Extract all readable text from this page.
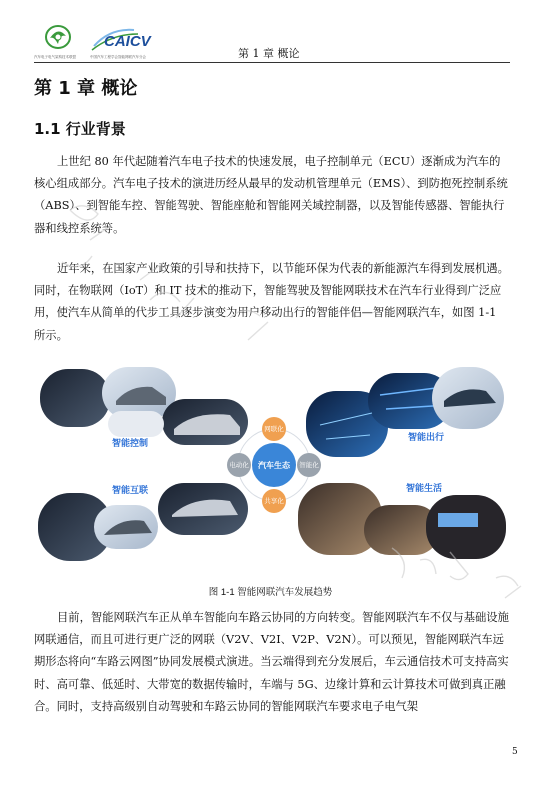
汽车电子电气架构技术联盟
CAICV
中国汽车工程学会智能网联汽车分会	第 1 章 概论
第 1 章 概论
1.1 行业背景

上世纪 80 年代起随着汽车电子技术的快速发展，电子控制单元（ECU）逐渐成为汽车的核心组成部分。汽车电子技术的演进历经从最早的发动机管理单元（EMS）、到防抱死控制系统（ABS）、到智能车控、智能驾驶、智能座舱和智能网关域控制器，以及智能传感器、智能执行器和线控系统等。

近年来，在国家产业政策的引导和扶持下，以节能环保为代表的新能源汽车得到发展机遇。同时，在物联网（IoT）和 IT 技术的推动下，智能驾驶及智能网联技术在汽车行业得到广泛应用，使汽车从简单的代步工具逐步演变为用户移动出行的智能伴侣—智能网联汽车，如图 1-1 所示。

智能控制
智能出行
智能互联	智能生活
汽车生态
网联化
电动化	智能化
共享化
图 1-1 智能网联汽车发展趋势

目前，智能网联汽车正从单车智能向车路云协同的方向转变。智能网联汽车不仅与基础设施网联通信，而且可进行更广泛的网联（V2V、V2I、V2P、V2N）。可以预见，智能网联汽车远期形态将向“车路云网图”协同发展模式演进。当云端得到充分发展后，车云通信技术可支持高实时、高可靠、低延时、大带宽的数据传输时，车端与 5G、边缘计算和云计算技术可做到真正融合。同时，支持高级别自动驾驶和车路云协同的智能网联汽车要求电子电气架

5
